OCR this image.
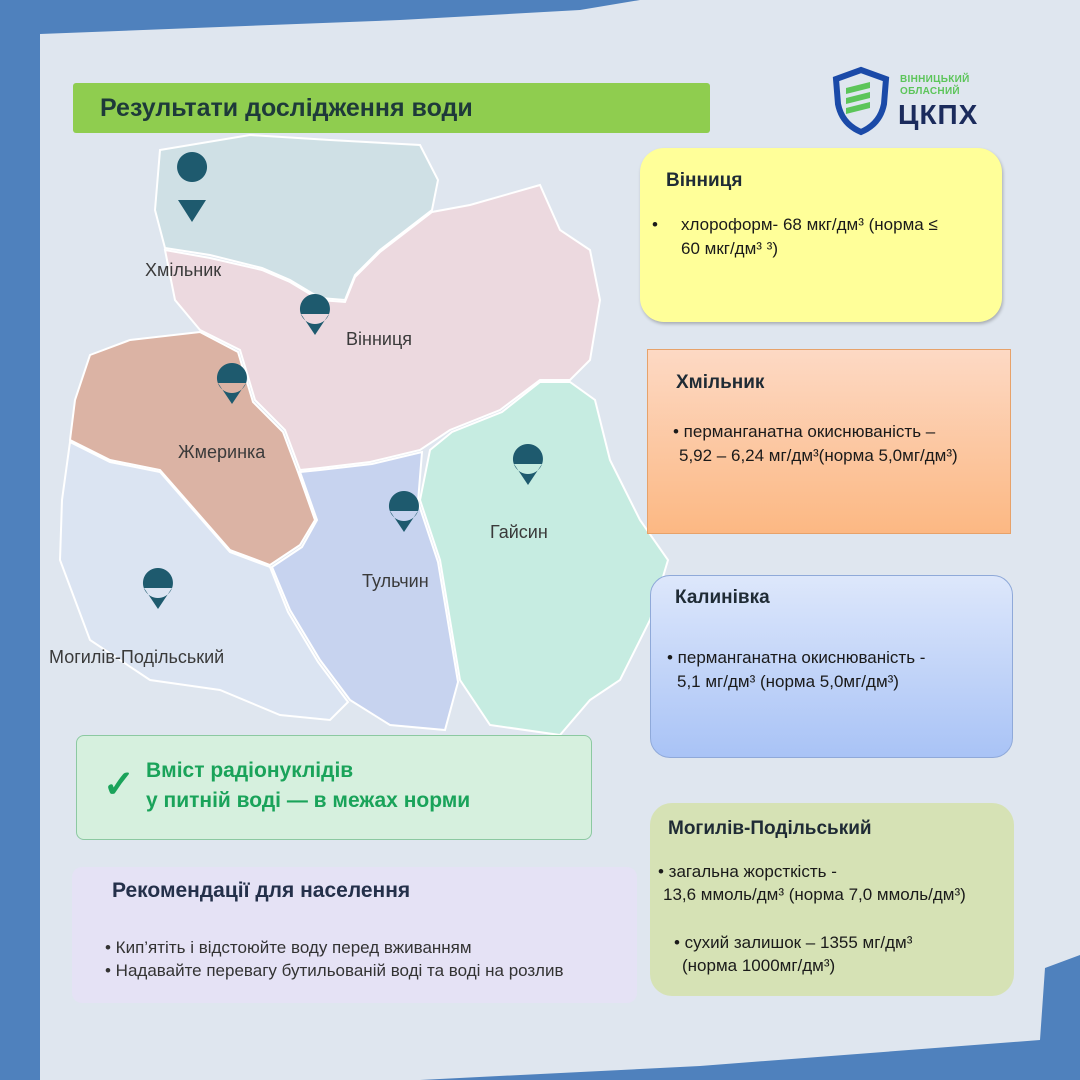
Результати дослідження води
ВІННИЦЬКИЙ
ОБЛАСНИЙ
ЦКПХ
Хмільник
Вінниця
Жмеринка
Гайсин
Тульчин
Могилів-Подільський
Вінниця
• хлороформ- 68 мкг/дм³ (норма ≤
60 мкг/дм³ ³)
Хмільник
• перманганатна окиснюваність –
5,92 – 6,24 мг/дм³(норма 5,0мг/дм³)
Калинівка
• перманганатна окиснюваність -
5,1 мг/дм³ (норма 5,0мг/дм³)
Могилів-Подільський
• загальна жорсткість -
13,6 ммоль/дм³ (норма 7,0 ммоль/дм³)
• сухий залишок – 1355 мг/дм³
(норма 1000мг/дм³)
✓ Вміст радіонуклідів
у питній воді — в межах норми
Рекомендації для населення
• Кип’ятіть і відстоюйте воду перед вживанням
• Надавайте перевагу бутильованій воді та воді на розлив
